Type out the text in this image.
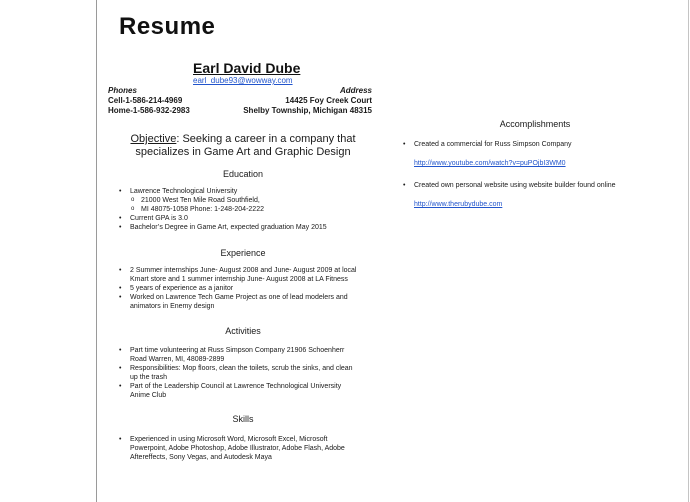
Resume
Earl David Dube
earl_dube93@wowway.com
Phones
Cell-1-586-214-4969
Home-1-586-932-2983
Address
14425 Foy Creek Court
Shelby Township, Michigan 48315
Objective: Seeking a career in a company that specializes in Game Art and Graphic Design
Education
• Lawrence Technological University
o 21000 West Ten Mile Road Southfield,
o MI 48075-1058 Phone: 1-248-204-2222
• Current GPA is 3.0
• Bachelor’s Degree in Game Art, expected graduation May 2015
Experience
• 2 Summer internships June- August 2008 and June- August 2009 at local Kmart store and 1 summer internship June- August 2008 at LA Fitness
• 5 years of experience as a janitor
• Worked on Lawrence Tech Game Project as one of lead modelers and animators in Enemy design
Activities
• Part time volunteering at Russ Simpson Company 21906 Schoenherr Road Warren, MI, 48089-2899
• Responsibilities: Mop floors, clean the toilets, scrub the sinks, and clean up the trash
• Part of the Leadership Council at Lawrence Technological University Anime Club
Skills
• Experienced in using Microsoft Word, Microsoft Excel, Microsoft Powerpoint, Adobe Photoshop, Adobe Illustrator, Adobe Flash, Adobe Aftereffects, Sony Vegas, and Autodesk Maya
Accomplishments
• Created a commercial for Russ Simpson Company
http://www.youtube.com/watch?v=puPOjbI3WM0
• Created own personal website using website builder found online
http://www.therubydube.com
